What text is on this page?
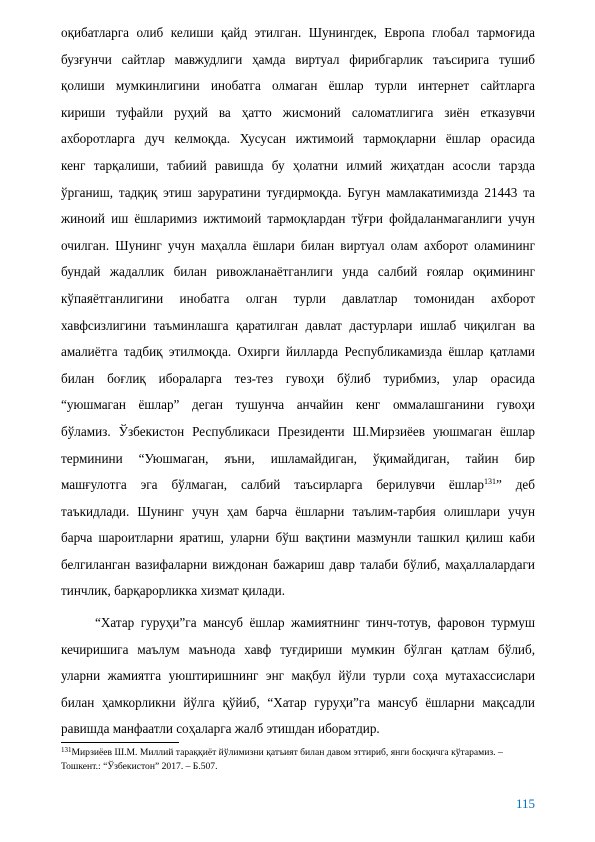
оқибатларга олиб келиши қайд этилган. Шунингдек, Европа глобал тармоғида

бузғунчи сайтлар мавжудлиги ҳамда виртуал фирибгарлик таъсирига тушиб

қолиши мумкинлигини инобатга олмаган ёшлар турли интернет сайтларга

кириши туфайли руҳий ва ҳатто жисмоний саломатлигига зиён етказувчи

ахборотларга дуч келмоқда. Хусусан ижтимоий тармоқларни ёшлар орасида

кенг тарқалиши, табиий равишда бу ҳолатни илмий жиҳатдан асосли тарзда

ўрганиш, тадқиқ этиш заруратини туғдирмоқда. Бугун мамлакатимизда 21443 та

жиноий иш ёшларимиз ижтимоий тармоқлардан тўғри фойдаланмаганлиги учун

очилган. Шунинг учун маҳалла ёшлари билан виртуал олам ахборот оламининг

бундай жадаллик билан ривожланаётганлиги унда салбий ғоялар оқимининг

кўпаяётганлигини инобатга олган турли давлатлар томонидан ахборот

хавфсизлигини таъминлашга қаратилган давлат дастурлари ишлаб чиқилган ва

амалиётга тадбиқ этилмоқда. Охирги йилларда Республикамизда ёшлар қатлами

билан боғлиқ ибораларга тез-тез гувоҳи бўлиб турибмиз, улар орасида

“уюшмаган ёшлар” деган тушунча анчайин кенг оммалашганини гувоҳи

бўламиз. Ўзбекистон Республикаси Президенти Ш.Мирзиёев уюшмаган ёшлар

терминини “Уюшмаган, яъни, ишламайдиган, ўқимайдиган, тайин бир

машғулотга эга бўлмаган, салбий таъсирларга берилувчи ёшлар$^{131}$” деб

таъкидлади. Шунинг учун ҳам барча ёшларни таълим-тарбия олишлари учун

барча шароитларни яратиш, уларни бўш вақтини мазмунли ташкил қилиш каби

белгиланган вазифаларни виждонан бажариш давр талаби бўлиб, маҳаллалардаги

тинчлик, барқарорликка хизмат қилади.

“Хатар гуруҳи”га мансуб ёшлар жамиятнинг тинч-тотув, фаровон турмуш

кечиришига маълум маънода хавф туғдириши мумкин бўлган қатлам бўлиб,

уларни жамиятга уюштиришнинг энг мақбул йўли турли соҳа мутахассислари

билан ҳамкорликни йўлга қўйиб, “Хатар гуруҳи”га мансуб ёшларни мақсадли

равишда манфаатли соҳаларга жалб этишдан иборатдир.

$^{131}$Мирзиёев Ш.М. Миллий тараққиёт йўлимизни қатъият билан давом эттириб, янги босқичга кўтарамиз. –
Тошкент.: “Ўзбекистон” 2017. – Б.507.
115
